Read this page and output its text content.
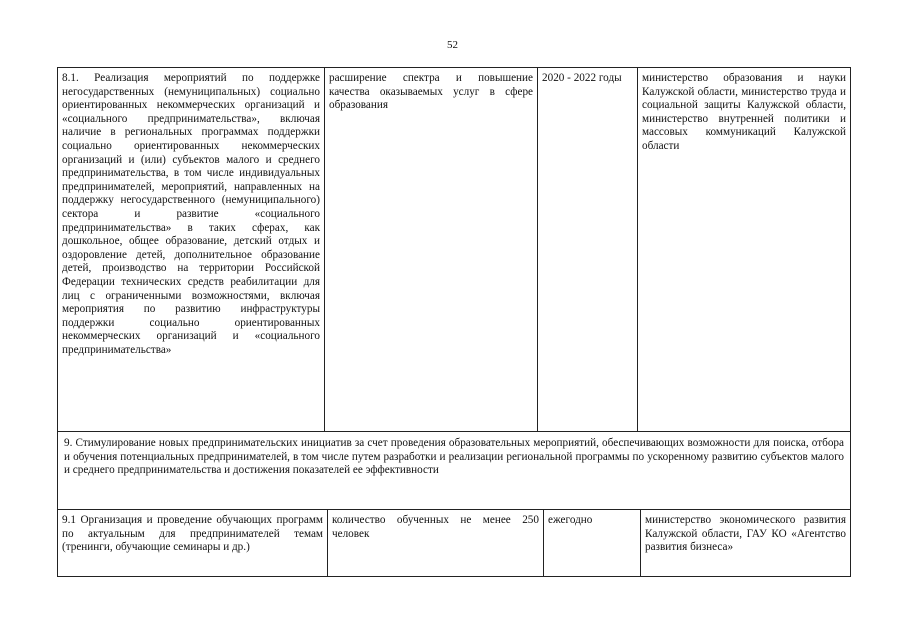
52
8.1. Реализация мероприятий по поддержке негосударственных (немуниципальных) социально ориентированных некоммерческих организаций и «социального предпринимательства», включая наличие в региональных программах поддержки социально ориентированных некоммерческих организаций и (или) субъектов малого и среднего предпринимательства, в том числе индивидуальных предпринимателей, мероприятий, направленных на поддержку негосударственного (немуниципального) сектора и развитие «социального предпринимательства» в таких сферах, как дошкольное, общее образование, детский отдых и оздоровление детей, дополнительное образование детей, производство на территории Российской Федерации технических средств реабилитации для лиц с ограниченными возможностями, включая мероприятия по развитию инфраструктуры поддержки социально ориентированных некоммерческих организаций и «социального предпринимательства»
расширение спектра и повышение качества оказываемых услуг в сфере образования
2020 - 2022 годы	министерство образования и науки Калужской области, министерство труда и социальной защиты Калужской области, министерство внутренней политики и массовых коммуникаций Калужской области
9. Стимулирование новых предпринимательских инициатив за счет проведения образовательных мероприятий, обеспечивающих возможности для поиска, отбора и обучения потенциальных предпринимателей, в том числе путем разработки и реализации региональной программы по ускоренному развитию субъектов малого и среднего предпринимательства и достижения показателей ее эффективности
9.1 Организация и проведение обучающих программ по актуальным для предпринимателей темам (тренинги, обучающие семинары и др.)
количество обученных не менее 250 человек
ежегодно	министерство экономического развития Калужской области, ГАУ КО «Агентство развития бизнеса»
